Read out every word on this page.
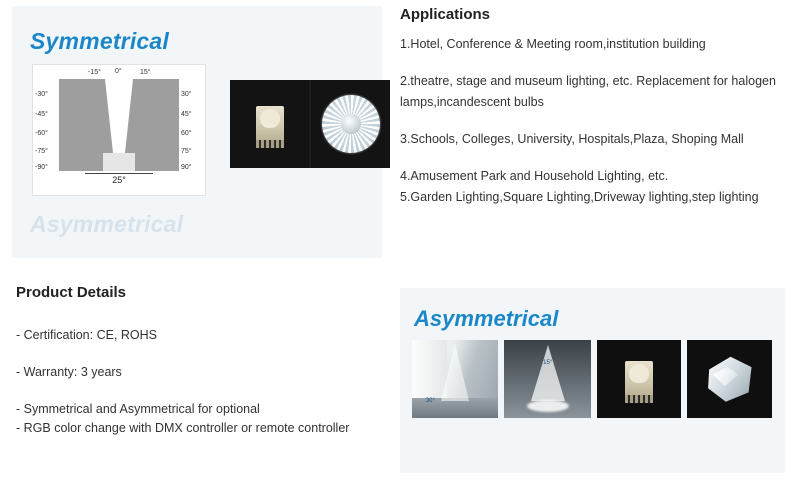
Symmetrical
-15° 0°	15°
-30°
-45°
-60°
-75°
-90°
30°
45°
60°
75°
90°
25°
Asymmetrical
Product Details
- Certification: CE, ROHS
- Warranty: 3 years
- Symmetrical and Asymmetrical for optional
- RGB color change with DMX controller or remote controller
Applications
1.Hotel, Conference & Meeting room,institution building
2.theatre, stage and museum lighting, etc. Replacement for halogen lamps,incandescent bulbs
3.Schools, Colleges, University, Hospitals,Plaza, Shoping Mall
4.Amusement Park and Household Lighting, etc.
5.Garden Lighting,Square Lighting,Driveway lighting,step lighting
Asymmetrical
30°
15°
